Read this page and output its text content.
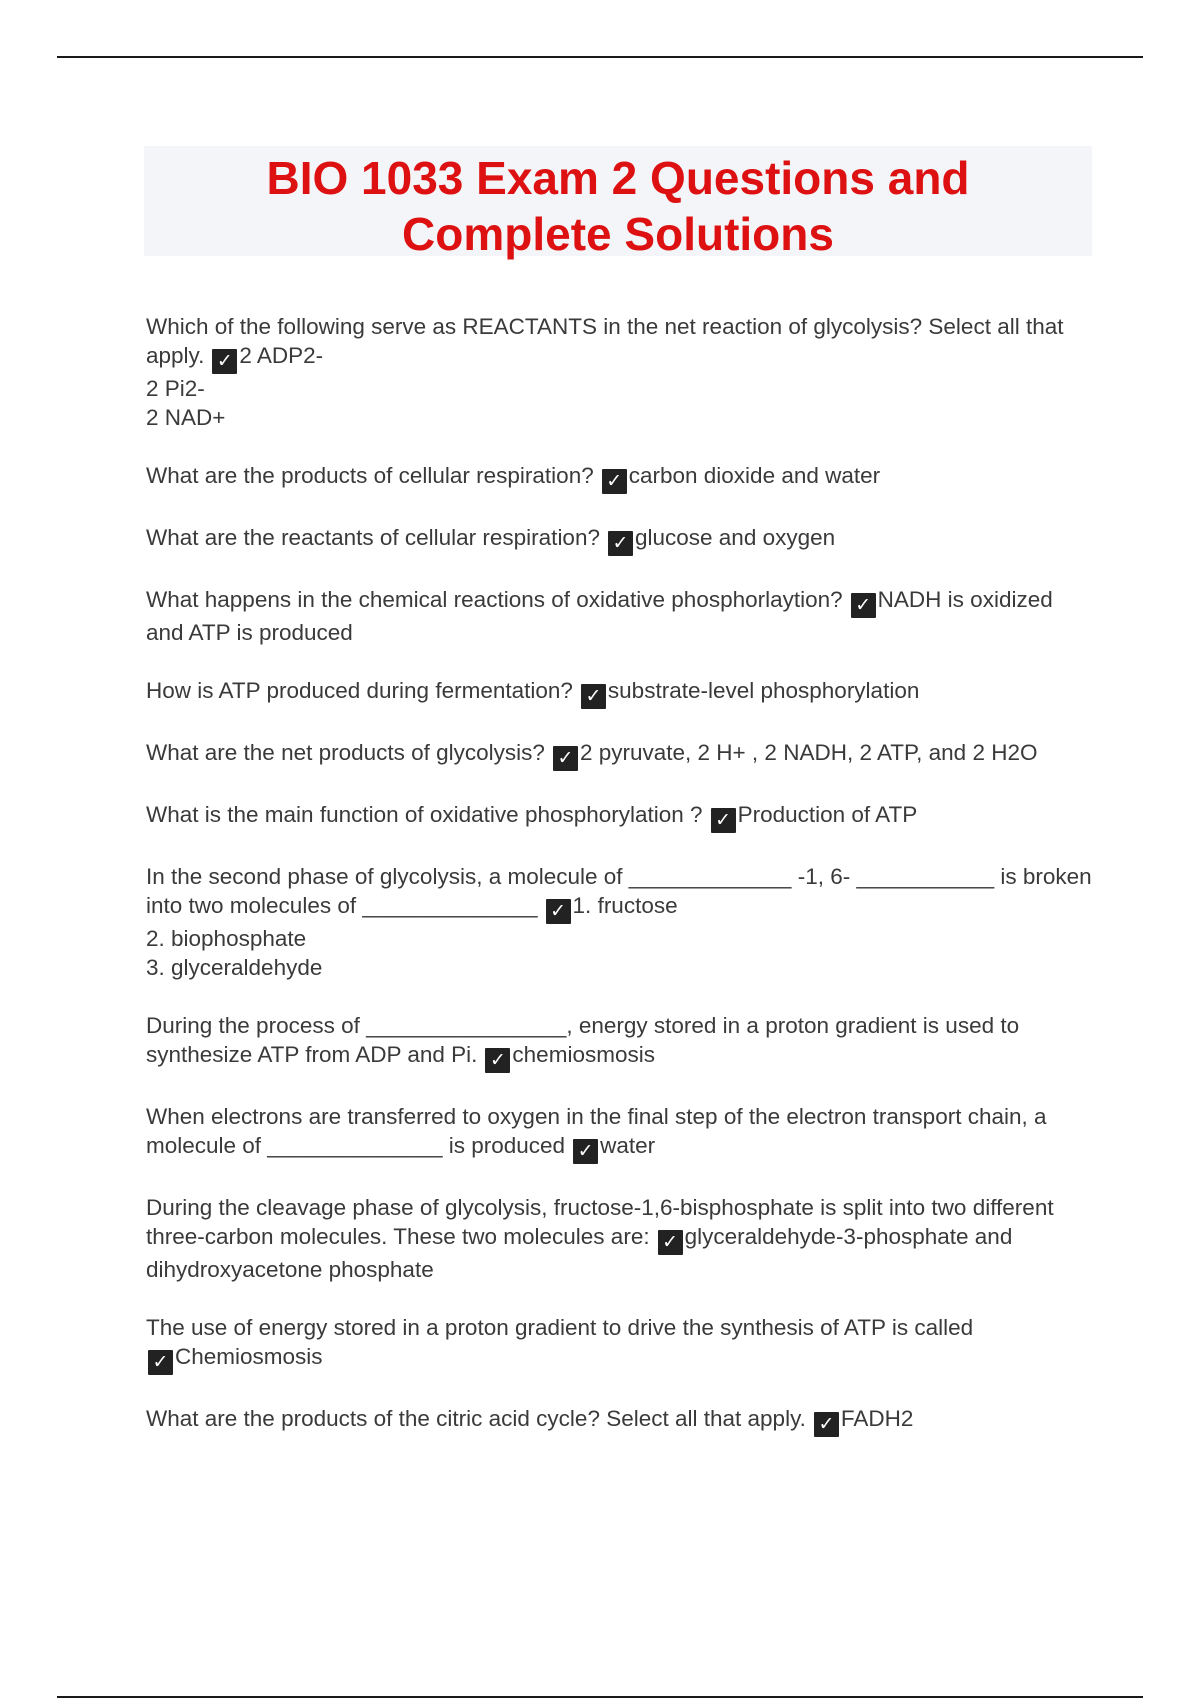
BIO 1033 Exam 2 Questions and
Complete Solutions
Which of the following serve as REACTANTS in the net reaction of glycolysis? Select all that apply. ✓ 2 ADP2-
2 Pi2-
2 NAD+
What are the products of cellular respiration? ✓ carbon dioxide and water
What are the reactants of cellular respiration? ✓ glucose and oxygen
What happens in the chemical reactions of oxidative phosphorlaytion? ✓ NADH is oxidized and ATP is produced
How is ATP produced during fermentation? ✓ substrate-level phosphorylation
What are the net products of glycolysis? ✓ 2 pyruvate, 2 H+ , 2 NADH, 2 ATP, and 2 H2O
What is the main function of oxidative phosphorylation ? ✓ Production of ATP
In the second phase of glycolysis, a molecule of _____________ -1, 6- ___________ is broken into two molecules of ______________ ✓ 1. fructose
2. biophosphate
3. glyceraldehyde
During the process of ________________, energy stored in a proton gradient is used to synthesize ATP from ADP and Pi. ✓ chemiosmosis
When electrons are transferred to oxygen in the final step of the electron transport chain, a molecule of ______________ is produced ✓ water
During the cleavage phase of glycolysis, fructose-1,6-bisphosphate is split into two different three-carbon molecules. These two molecules are: ✓ glyceraldehyde-3-phosphate and dihydroxyacetone phosphate
The use of energy stored in a proton gradient to drive the synthesis of ATP is called
✓ Chemiosmosis
What are the products of the citric acid cycle? Select all that apply. ✓ FADH2
